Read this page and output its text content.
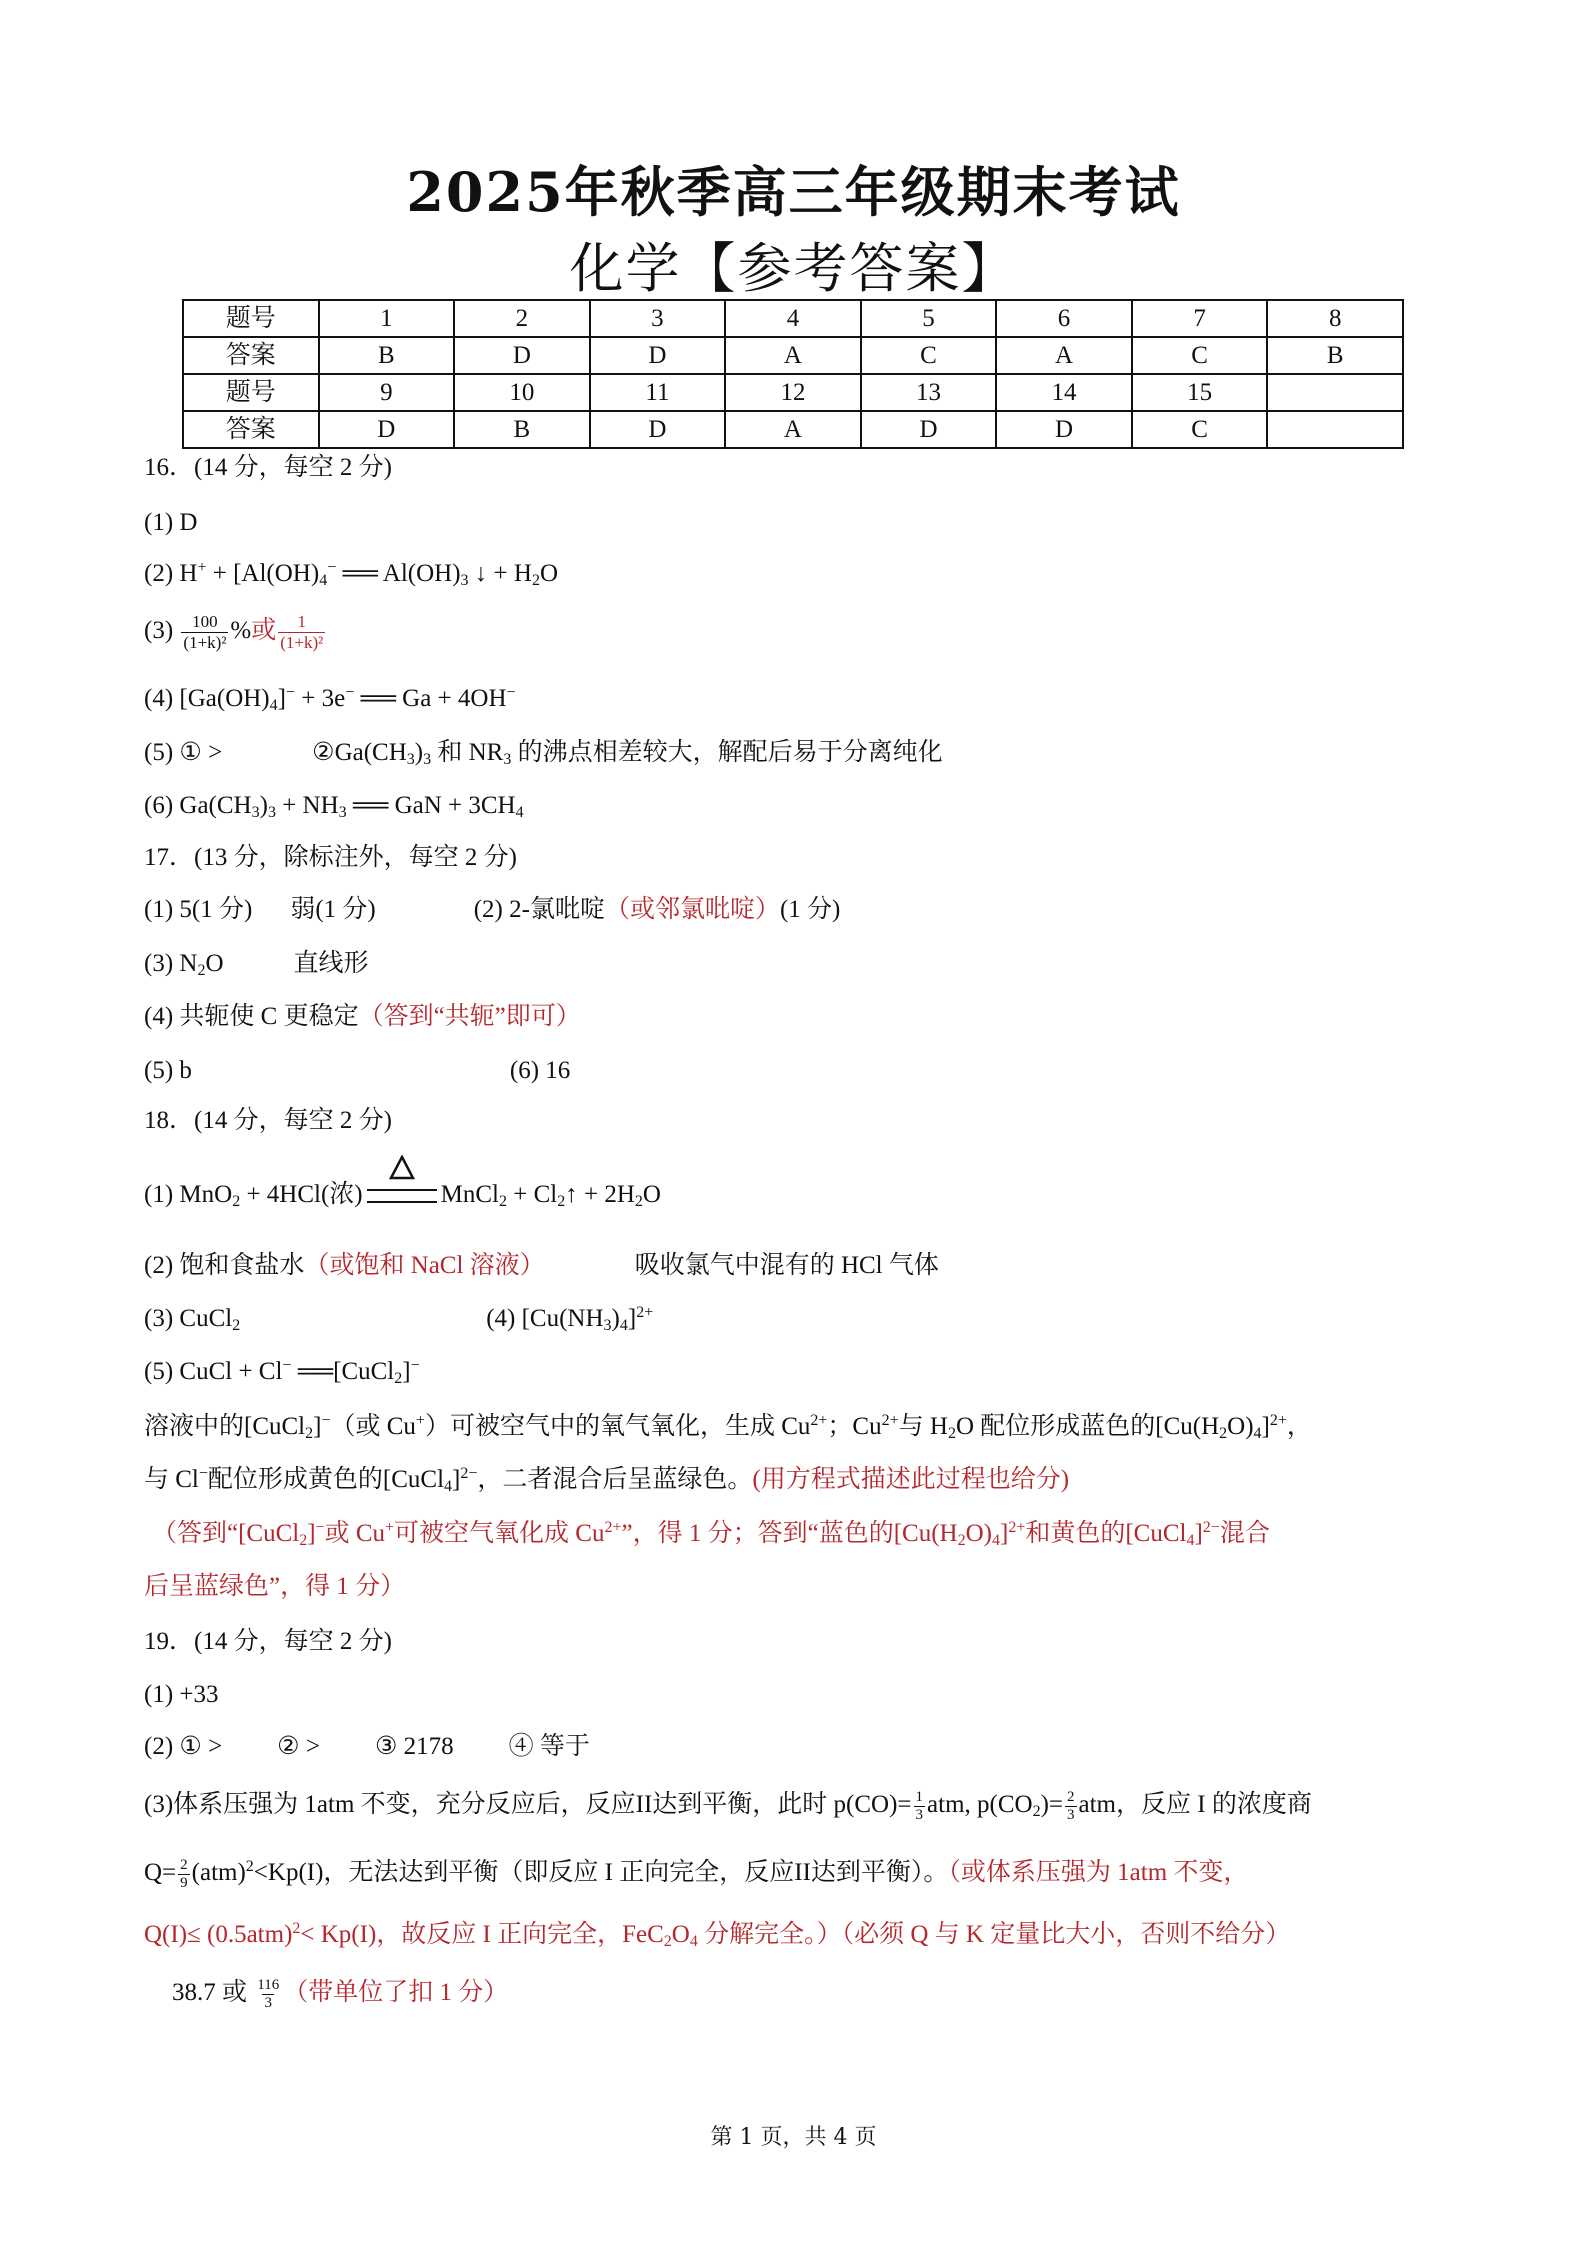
2025年秋季高三年级期末考试
化学【参考答案】
题号	1	2	3	4	5	6	7	8
答案	B	D	D	A	C	A	C	B
题号	9	10	11	12	13	14	15	
答案	D	B	D	A	D	D	C	
16．(14 分，每空 2 分)
(1) D
(2) $H^+ + [Al(OH)_4^-$ ══ $Al(OH)_3$ ↓ + $H_2O$
$(3) \frac{100}{\text{(1+k)²}}$ %或 $\frac{1}{\text{(1+k)²}}$
(4) $[Ga(OH)_4]^- + 3e^-$ ══ Ga + 4OH−
(5) ① >	$②Ga(CH_3)_3$ 和 $NR_3$ 的沸点相差较大，解配后易于分离纯化
(6) $Ga(CH_3)_3 + NH_3$ ══ GaN + $3CH_4$
17．(13 分，除标注外，每空 2 分)
(1) 5(1 分) 弱(1 分)	(2) 2-氯吡啶（或邻氯吡啶）(1 分)
(3) $N_2O$	直线形
(4) 共轭使 C 更稳定（答到“共轭”即可）
(5) b	(6) 16
18．(14 分，每空 2 分)
(1) MnO$_2$ + 4HCl(浓)	MnCl$_2$ + $Cl_2↑ + 2H_2O$
(2) 饱和食盐水（或饱和 NaCl 溶液）	吸收氯气中混有的 HCl 气体
(3) CuCl$_2$	(4) $[Cu(NH_3)_4]^{2+}$
(5) CuCl + Cl− ══[CuCl$_2$]−
溶液中的[CuCl$_2$]−（或 Cu+）可被空气中的氧气氧化，生成 $Cu^{2+}$；$Cu^{2+}$与 $H_2O$ 配位形成蓝色的$[Cu(H_2O)_4]^{2+}$，
与 Cl−配位形成黄色的[CuCl$_4$]$^{2-}$，二者混合后呈蓝绿色。(用方程式描述此过程也给分)
（答到“[CuCl$_2$]−或 Cu+可被空气氧化成 $Cu^{2+}$”，得 1 分；答到“蓝色的$[Cu(H_2O)_4]^{2+}$和黄色的[CuCl$_4$]$^{2-}$混合
后呈蓝绿色”，得 1 分）
19．(14 分，每空 2 分)
(1) +33
(2) ① > ② > ③ 2178 ④ 等于
(3)体系压强为 1atm 不变，充分反应后，反应II达到平衡，此时 $p(CO)= \frac{1}{3}$ atm, $p(CO_2)= \frac{2}{3}$ atm，反应 I 的浓度商
$Q= \frac{2}{9} (atm)^2<Kp(I)$，无法达到平衡（即反应 I 正向完全，反应II达到平衡）。（或体系压强为 1atm 不变，
$Q(I)\le (0.5atm)^2< Kp(I)$，故反应 I 正向完全，$FeC_2O_4$ 分解完全。）（必须 Q 与 K 定量比大小，否则不给分）
38.7 或 $\frac{116}{3}$ （带单位了扣 1 分）
第 1 页，共 4 页
